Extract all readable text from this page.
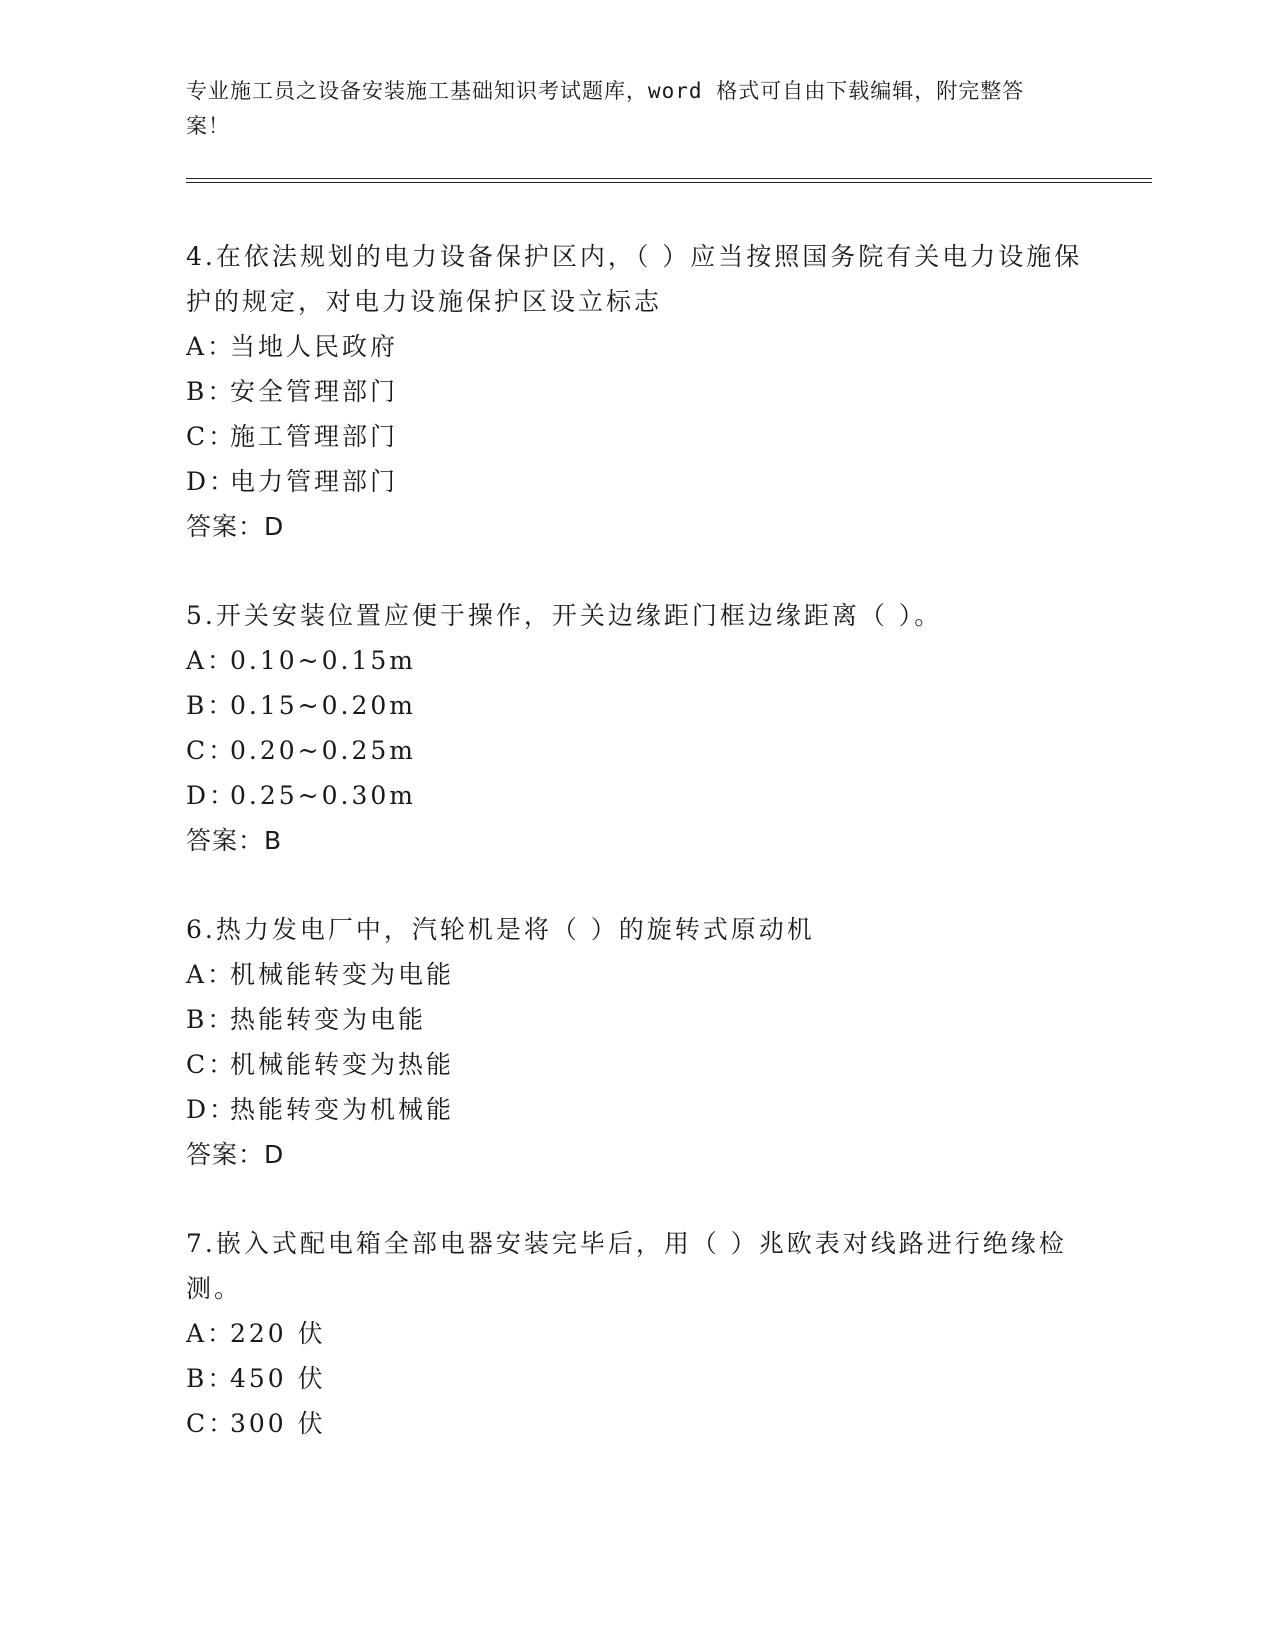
专业施工员之设备安装施工基础知识考试题库，word 格式可自由下载编辑，附完整答案！

4.在依法规划的电力设备保护区内，（ ）应当按照国务院有关电力设施保护的规定，对电力设施保护区设立标志

A：当地人民政府

B：安全管理部门

C：施工管理部门

D：电力管理部门

答案：D

5.开关安装位置应便于操作，开关边缘距门框边缘距离（ ）。

A：0.10~0.15m

B：0.15~0.20m

C：0.20~0.25m

D：0.25~0.30m

答案：B

6.热力发电厂中，汽轮机是将（ ）的旋转式原动机

A：机械能转变为电能

B：热能转变为电能

C：机械能转变为热能

D：热能转变为机械能

答案：D

7.嵌入式配电箱全部电器安装完毕后，用（ ）兆欧表对线路进行绝缘检测。

A：220 伏

B：450 伏

C：300 伏
